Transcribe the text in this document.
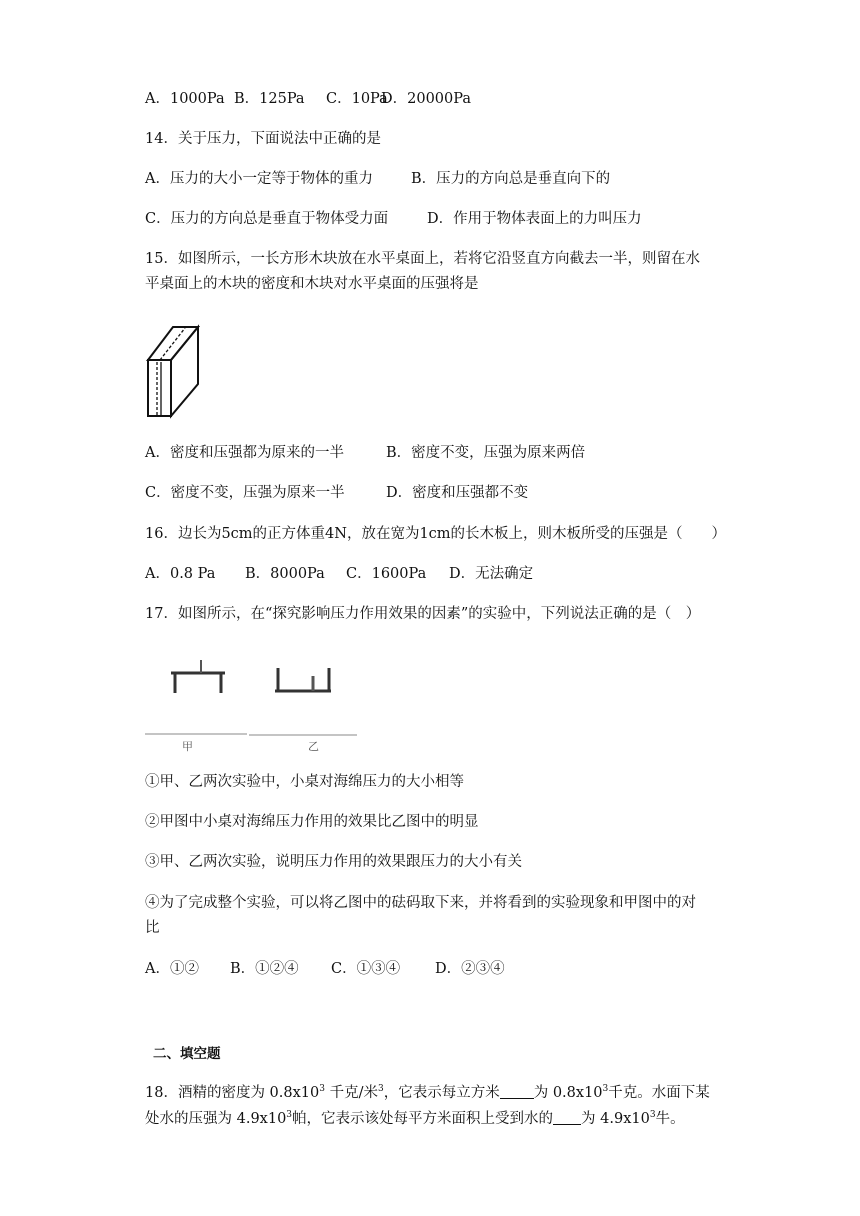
A．1000Pa B．125Pa C．10Pa
D．20000Pa
14．关于压力，下面说法中正确的是
A．压力的大小一定等于物体的重力	B．压力的方向总是垂直向下的
C．压力的方向总是垂直于物体受力面	D．作用于物体表面上的力叫压力
15．如图所示，一长方形木块放在水平桌面上，若将它沿竖直方向截去一半，则留在水
平桌面上的木块的密度和木块对水平桌面的压强将是
A．密度和压强都为原来的一半	B．密度不变，压强为原来两倍
C．密度不变，压强为原来一半	D．密度和压强都不变
16．边长为5cm的正方体重4N，放在宽为1cm的长木板上，则木板所受的压强是（　　）
A．0.8 Pa B．8000Pa C．1600Pa D．无法确定
17．如图所示，在“探究影响压力作用效果的因素”的实验中，下列说法正确的是（　）
甲	乙
①甲、乙两次实验中，小桌对海绵压力的大小相等
②甲图中小桌对海绵压力作用的效果比乙图中的明显
③甲、乙两次实验，说明压力作用的效果跟压力的大小有关
④为了完成整个实验，可以将乙图中的砝码取下来，并将看到的实验现象和甲图中的对
比
A．①② B．①②④ C．①③④ D．②③④
二、填空题
18．酒精的密度为 $0.8x10^3$ 千克/米$^3$，它表示每立方米 为 $0.8x10^3$千克。水面下某
处水的压强为 $4.9x10^3$帕，它表示该处每平方米面积上受到水的 为 $4.9x10^3$牛。
